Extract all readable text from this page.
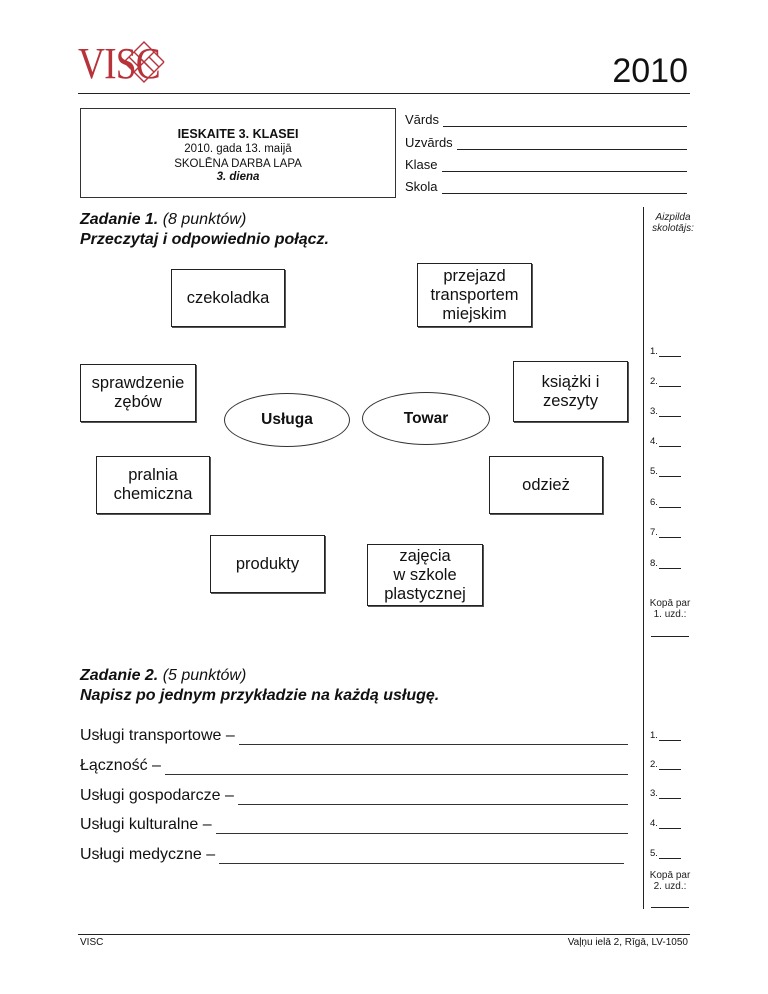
VISC	2010
IESKAITE 3. KLASEI
2010. gada 13. maijā
SKOLĒNA DARBA LAPA
3. diena
Vārds
Uzvārds
Klase
Skola
Zadanie 1. (8 punktów)
Przeczytaj i odpowiednio połącz.
Aizpilda
skolotājs:
czekoladka
przejazd
transportem
miejskim
sprawdzenie
zębów
książki i
zeszyty
Usługa	Towar
pralnia
chemiczna
odzież
produkty	zajęcia
w szkole
plastycznej
1.
2.
3.
4.
5.
6.
7.
8.
Kopā par
1. uzd.:
Zadanie 2. (5 punktów)
Napisz po jednym przykładzie na każdą usługę.
Usługi transportowe –
Łączność –
Usługi gospodarcze –
Usługi kulturalne –
Usługi medyczne –
1.
2.
3.
4.
5.
Kopā par
2. uzd.:
VISC	Vaļņu ielā 2, Rīgā, LV-1050
